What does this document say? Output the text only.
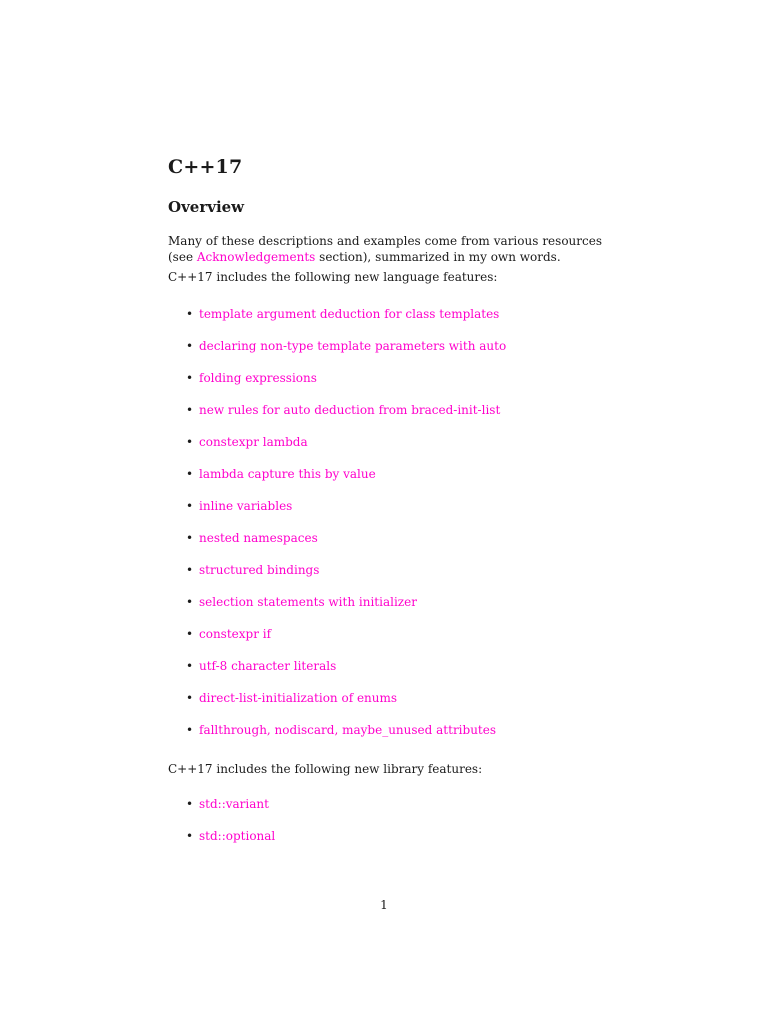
C++17
Overview

Many of these descriptions and examples come from various resources (see Acknowledgements section), summarized in my own words.

C++17 includes the following new language features:

• template argument deduction for class templates
• declaring non-type template parameters with auto
• folding expressions
• new rules for auto deduction from braced-init-list
• constexpr lambda
• lambda capture this by value
• inline variables
• nested namespaces
• structured bindings
• selection statements with initializer
• constexpr if
• utf-8 character literals
• direct-list-initialization of enums
• fallthrough, nodiscard, maybe_unused attributes

C++17 includes the following new library features:

• std::variant
• std::optional
1
